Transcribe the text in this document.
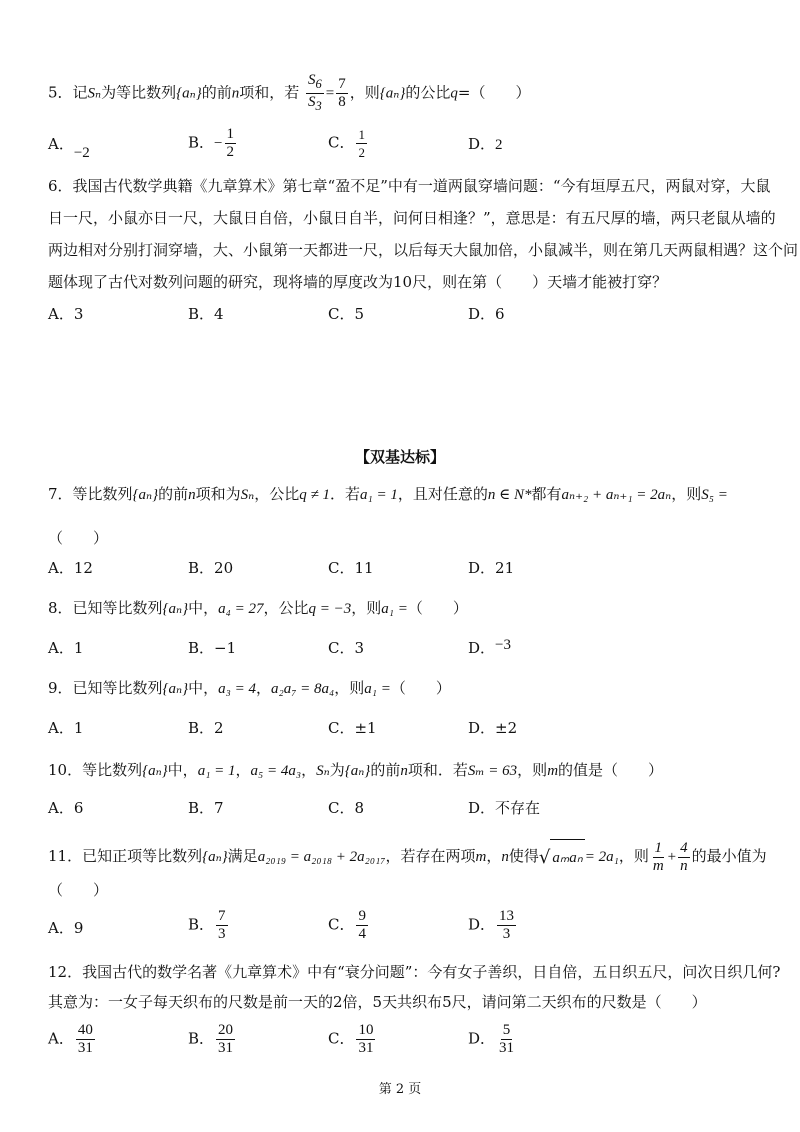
5．记Sₙ为等比数列{aₙ}的前n项和，若 $\frac{S_6}{S_3} = \frac{7}{8}$ ，则{aₙ}的公比q=（　　）
A．−2
B．− $\frac{1}{2}$	C． $\frac{1}{2}$	D．2
6．我国古代数学典籍《九章算术》第七章“盈不足”中有一道两鼠穿墙问题：“今有垣厚五尺，两鼠对穿，大鼠
日一尺，小鼠亦日一尺，大鼠日自倍，小鼠日自半，问何日相逢？”，意思是：有五尺厚的墙，两只老鼠从墙的
两边相对分别打洞穿墙，大、小鼠第一天都进一尺，以后每天大鼠加倍，小鼠减半，则在第几天两鼠相遇？这个问
题体现了古代对数列问题的研究，现将墙的厚度改为10尺，则在第（　　）天墙才能被打穿？
A．3	B．4	C．5	D．6
【双基达标】
7．等比数列{aₙ}的前n项和为Sₙ，公比q ≠ 1．若a₁ = 1，且对任意的n ∈ N*都有aₙ₊₂ + aₙ₊₁ = 2aₙ，则S₅ =
（　　）
A．12	B．20	C．11	D．21
8．已知等比数列{aₙ}中，a₄ = 27，公比q = −3，则a₁ =（　　）
A．1	B．−1	C．3	D．−3
9．已知等比数列{aₙ}中，a₃ = 4，a₂a₇ = 8a₄，则a₁ =（　　）
A．1	B．2	C．±1	D．±2
10．等比数列{aₙ}中，a₁ = 1，a₅ = 4a₃，Sₙ为{aₙ}的前n项和．若Sₘ = 63，则m的值是（　　）
A．6	B．7	C．8	D．不存在
11．已知正项等比数列{aₙ}满足a₂₀₁₉ = a₂₀₁₈ + 2a₂₀₁₇，若存在两项m，n使得 √ aₘaₙ = 2a₁，则 $\frac{1}{m} + \frac{4}{n}$ 的最小值为
（　　）
A．9	B． $\frac{7}{3}$	C． $\frac{9}{4}$	D． $\frac{13}{3}$
12．我国古代的数学名著《九章算术》中有“衰分问题”：今有女子善织，日自倍，五日织五尺，问次日织几何?
其意为：一女子每天织布的尺数是前一天的2倍，5天共织布5尺，请问第二天织布的尺数是（　　）
A． $\frac{40}{31}$	B． $\frac{20}{31}$	C． $\frac{10}{31}$	D． $\frac{5}{31}$
第 2 页
